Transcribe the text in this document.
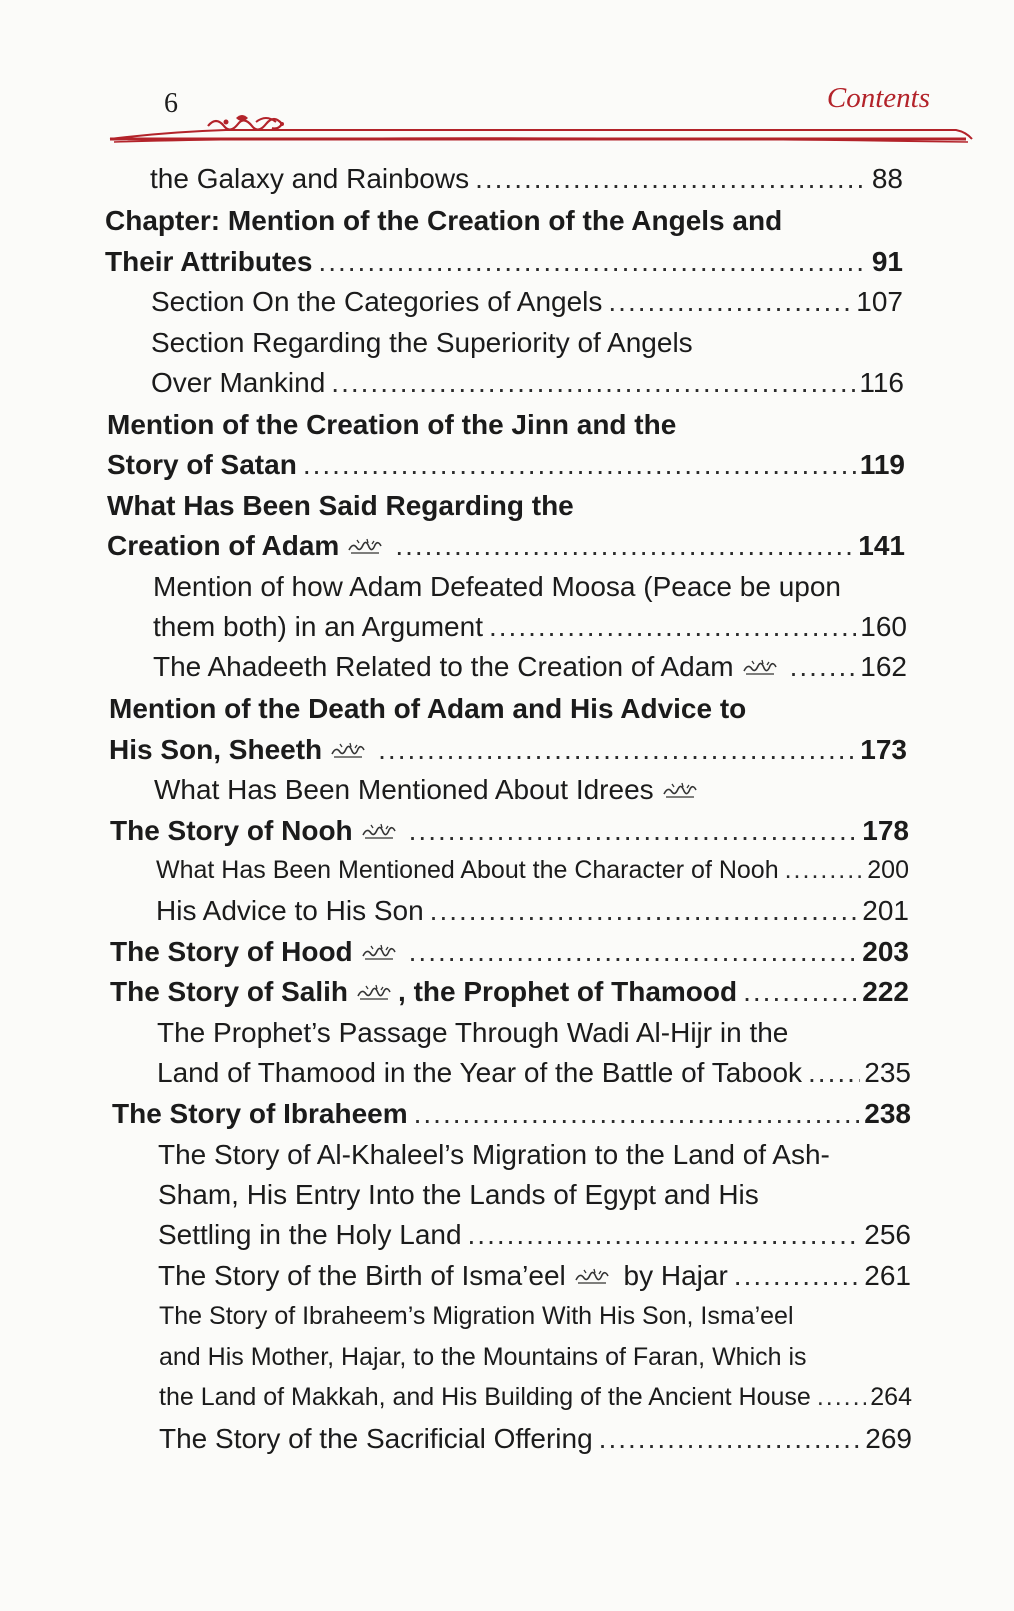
6	Contents
the Galaxy and Rainbows .....	88
Chapter: Mention of the Creation of the Angels and
Their Attributes .....	91
Section On the Categories of Angels .....	107
Section Regarding the Superiority of Angels
Over Mankind .....	116
Mention of the Creation of the Jinn and the
Story of Satan .....	119
What Has Been Said Regarding the
Creation of Adam .....	141
Mention of how Adam Defeated Moosa (Peace be upon
them both) in an Argument .....	160
The Ahadeeth Related to the Creation of Adam .....	162
Mention of the Death of Adam and His Advice to
His Son, Sheeth .....	173
What Has Been Mentioned About Idrees
The Story of Nooh .....	178
What Has Been Mentioned About the Character of Nooh .....	200
His Advice to His Son .....	201
The Story of Hood .....	203
The Story of Salih , the Prophet of Thamood .....	222
The Prophet’s Passage Through Wadi Al-Hijr in the
Land of Thamood in the Year of the Battle of Tabook ..... 235
The Story of Ibraheem .....	238
The Story of Al-Khaleel’s Migration to the Land of Ash-
Sham, His Entry Into the Lands of Egypt and His
Settling in the Holy Land .....	256
The Story of the Birth of Isma’eel
by Hajar .....	261
The Story of Ibraheem’s Migration With His Son, Isma’eel
and His Mother, Hajar, to the Mountains of Faran, Which is
the Land of Makkah, and His Building of the Ancient House ..... 264
The Story of the Sacrificial Offering .....	269
